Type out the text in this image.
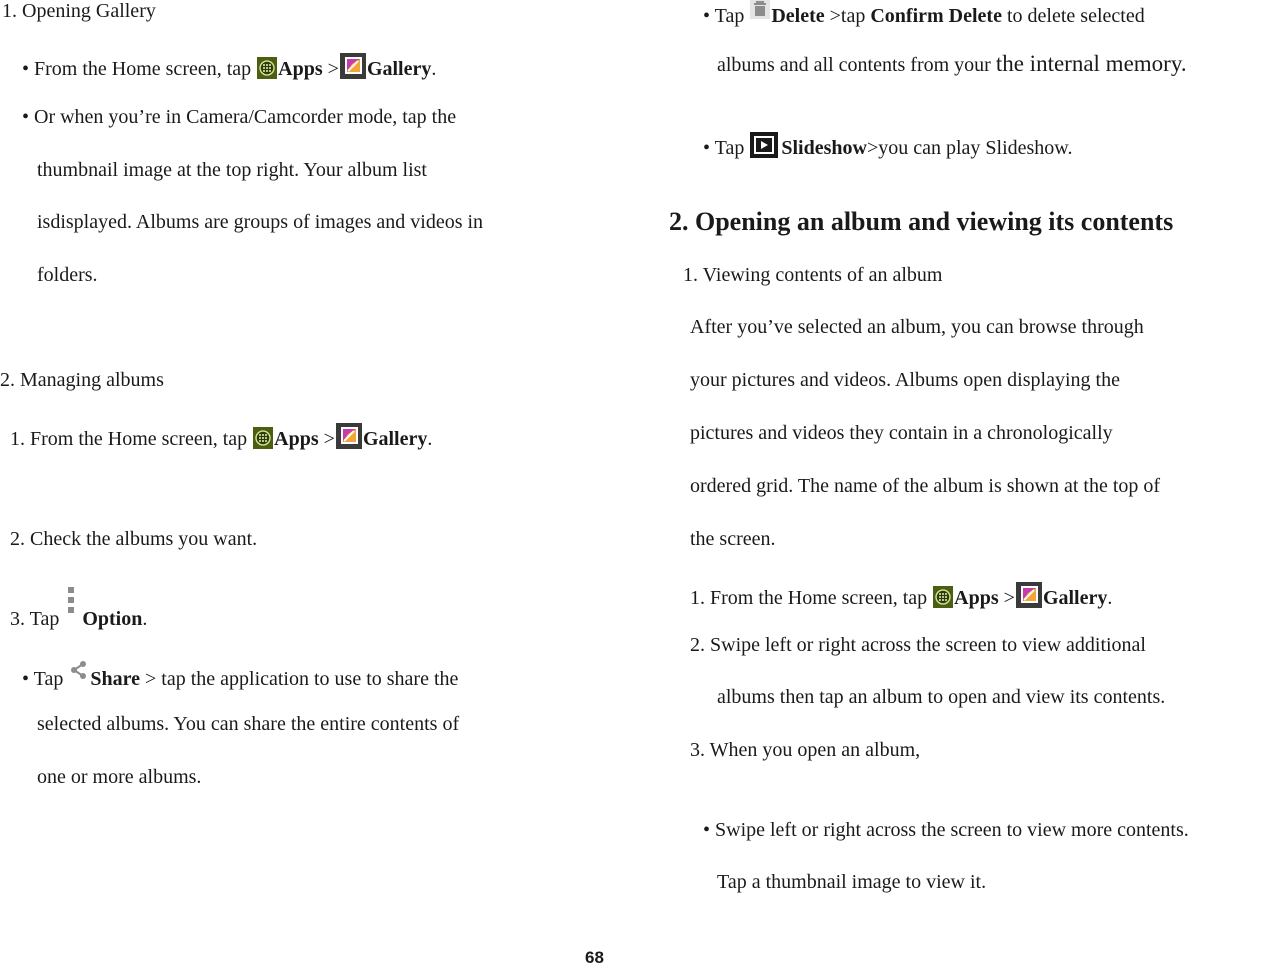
1. Opening Gallery
• From the Home screen, tap
Apps > Gallery.
• Or when you’re in Camera/Camcorder mode, tap the
thumbnail image at the top right. Your album list
isdisplayed. Albums are groups of images and videos in
folders.
2. Managing albums
1. From the Home screen, tap
Apps > Gallery.
2. Check the albums you want.
3. Tap
Option.
• Tap
Share > tap the application to use to share the
selected albums. You can share the entire contents of
one or more albums.
• Tap
Delete >tap Confirm Delete to delete selected
albums and all contents from your the internal memory.
• Tap
Slideshow>you can play Slideshow.
2. Opening an album and viewing its contents
1. Viewing contents of an album
After you’ve selected an album, you can browse through
your pictures and videos. Albums open displaying the
pictures and videos they contain in a chronologically
ordered grid. The name of the album is shown at the top of
the screen.
1. From the Home screen, tap
Apps > Gallery.
2. Swipe left or right across the screen to view additional
albums then tap an album to open and view its contents.
3. When you open an album,
• Swipe left or right across the screen to view more contents.
Tap a thumbnail image to view it.
68
